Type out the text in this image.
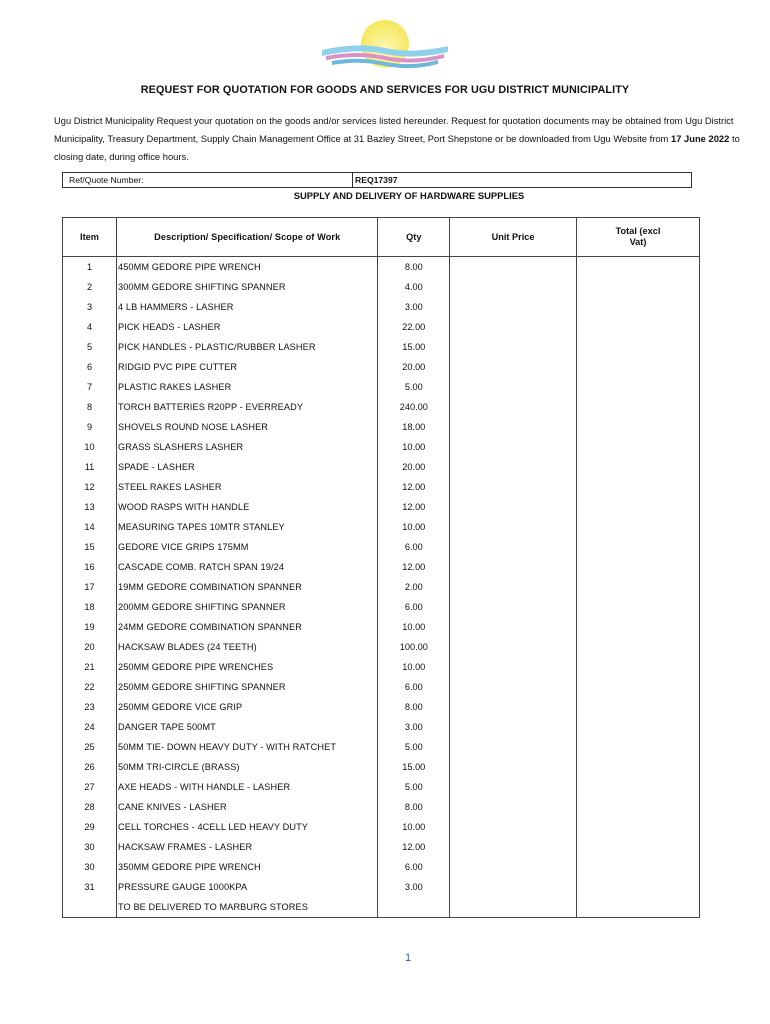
REQUEST FOR QUOTATION FOR GOODS AND SERVICES FOR UGU DISTRICT MUNICIPALITY
Ugu District Municipality Request your quotation on the goods and/or services listed hereunder. Request for quotation documents may be obtained from Ugu District Municipality, Treasury Department, Supply Chain Management Office at 31 Bazley Street, Port Shepstone or be downloaded from Ugu Website from 17 June 2022 to closing date, during office hours.
Ref/Quote Number:	REQ17397
SUPPLY AND DELIVERY OF HARDWARE SUPPLIES
Item	Description/ Specification/ Scope of Work	Qty	Unit Price	Total (excl
Vat)
1	450MM GEDORE PIPE WRENCH	8.00		
2	300MM GEDORE SHIFTING SPANNER	4.00		
3	4 LB HAMMERS - LASHER	3.00		
4	PICK HEADS - LASHER	22.00		
5	PICK HANDLES - PLASTIC/RUBBER LASHER	15.00		
6	RIDGID PVC PIPE CUTTER	20.00		
7	PLASTIC RAKES LASHER	5.00		
8	TORCH BATTERIES R20PP - EVERREADY	240.00		
9	SHOVELS ROUND NOSE LASHER	18.00		
10	GRASS SLASHERS LASHER	10.00		
11	SPADE - LASHER	20.00		
12	STEEL RAKES LASHER	12.00		
13	WOOD RASPS WITH HANDLE	12.00		
14	MEASURING TAPES 10MTR STANLEY	10.00		
15	GEDORE VICE GRIPS 175MM	6.00		
16	CASCADE COMB. RATCH SPAN 19/24	12.00		
17	19MM GEDORE COMBINATION SPANNER	2.00		
18	200MM GEDORE SHIFTING SPANNER	6.00		
19	24MM GEDORE COMBINATION SPANNER	10.00		
20	HACKSAW BLADES (24 TEETH)	100.00		
21	250MM GEDORE PIPE WRENCHES	10.00		
22	250MM GEDORE SHIFTING SPANNER	6.00		
23	250MM GEDORE VICE GRIP	8.00		
24	DANGER TAPE 500MT	3.00		
25	50MM TIE- DOWN HEAVY DUTY - WITH RATCHET	5.00		
26	50MM TRI-CIRCLE (BRASS)	15.00		
27	AXE HEADS - WITH HANDLE - LASHER	5.00		
28	CANE KNIVES - LASHER	8.00		
29	CELL TORCHES - 4CELL LED HEAVY DUTY	10.00		
30	HACKSAW FRAMES - LASHER	12.00		
30	350MM GEDORE PIPE WRENCH	6.00		
31	PRESSURE GAUGE 1000KPA	3.00		
	TO BE DELIVERED TO MARBURG STORES			
1
